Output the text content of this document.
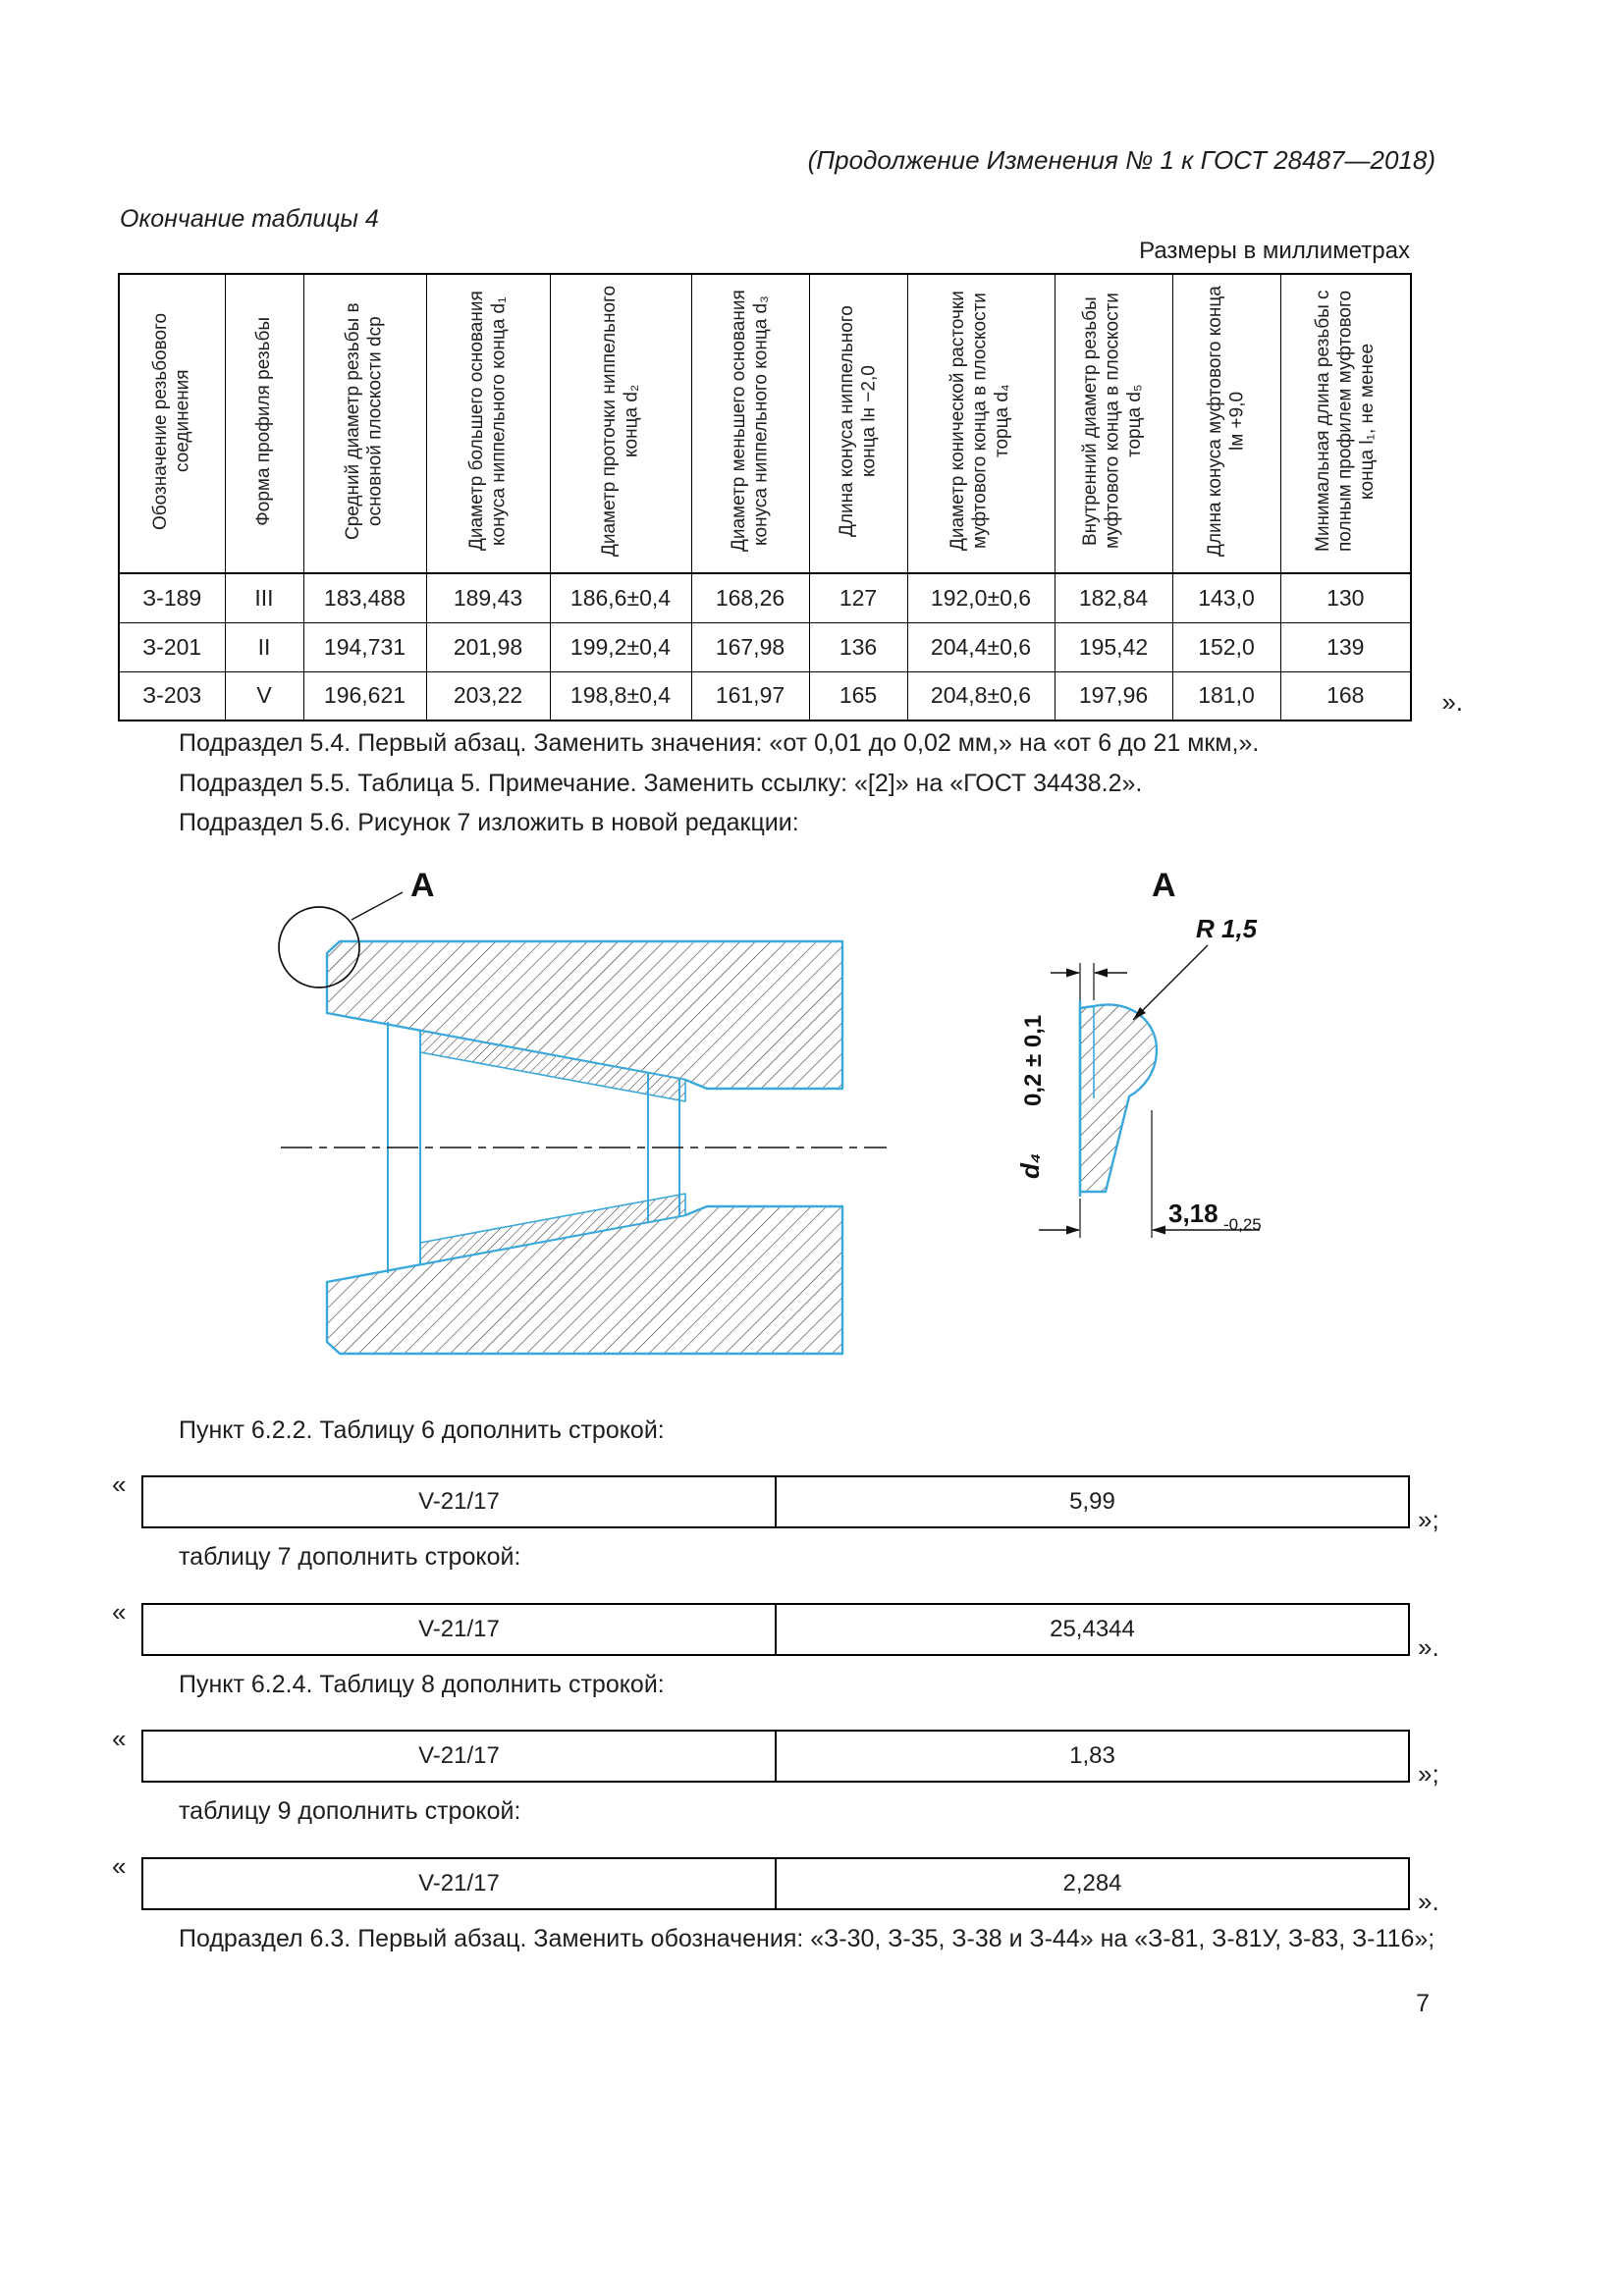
(Продолжение Изменения № 1 к ГОСТ 28487—2018)
Окончание таблицы 4
Размеры в миллиметрах
Обозначение резьбового соединения	Форма профиля резьбы	Средний диаметр резьбы в основной плоскости dср	Диаметр большего основания конуса ниппельного конца d₁	Диаметр проточки ниппельного конца d₂	Диаметр меньшего основания конуса ниппельного конца d₃	Длина конуса ниппельного конца lн −2,0	Диаметр конической расточки муфтового конца в плоскости торца d₄	Внутренний диаметр резьбы муфтового конца в плоскости торца d₅	Длина конуса муфтового конца lм +9,0	Минимальная длина резьбы с полным профилем муфтового конца l₁, не менее
З-189	III	183,488	189,43	186,6±0,4	168,26	127	192,0±0,6	182,84	143,0	130
З-201	II	194,731	201,98	199,2±0,4	167,98	136	204,4±0,6	195,42	152,0	139
З-203	V	196,621	203,22	198,8±0,4	161,97	165	204,8±0,6	197,96	181,0	168	».

Подраздел 5.4. Первый абзац. Заменить значения: «от 0,01 до 0,02 мм,» на «от 6 до 21 мкм,».

Подраздел 5.5. Таблица 5. Примечание. Заменить ссылку: «[2]» на «ГОСТ 34438.2».

Подраздел 5.6. Рисунок 7 изложить в новой редакции:

А	А
0,2 ± 0,1
d₄
R 1,5
3,18 -0,25

Пункт 6.2.2. Таблицу 6 дополнить строкой:

«
V-21/17	5,99
»;

таблицу 7 дополнить строкой:

«
V-21/17	25,4344
».

Пункт 6.2.4. Таблицу 8 дополнить строкой:

«
V-21/17	1,83
»;

таблицу 9 дополнить строкой:

«
V-21/17	2,284
».

Подраздел 6.3. Первый абзац. Заменить обозначения: «З-30, З-35, З-38 и З-44» на «З-81, З-81У, З-83, З-116»;

7
